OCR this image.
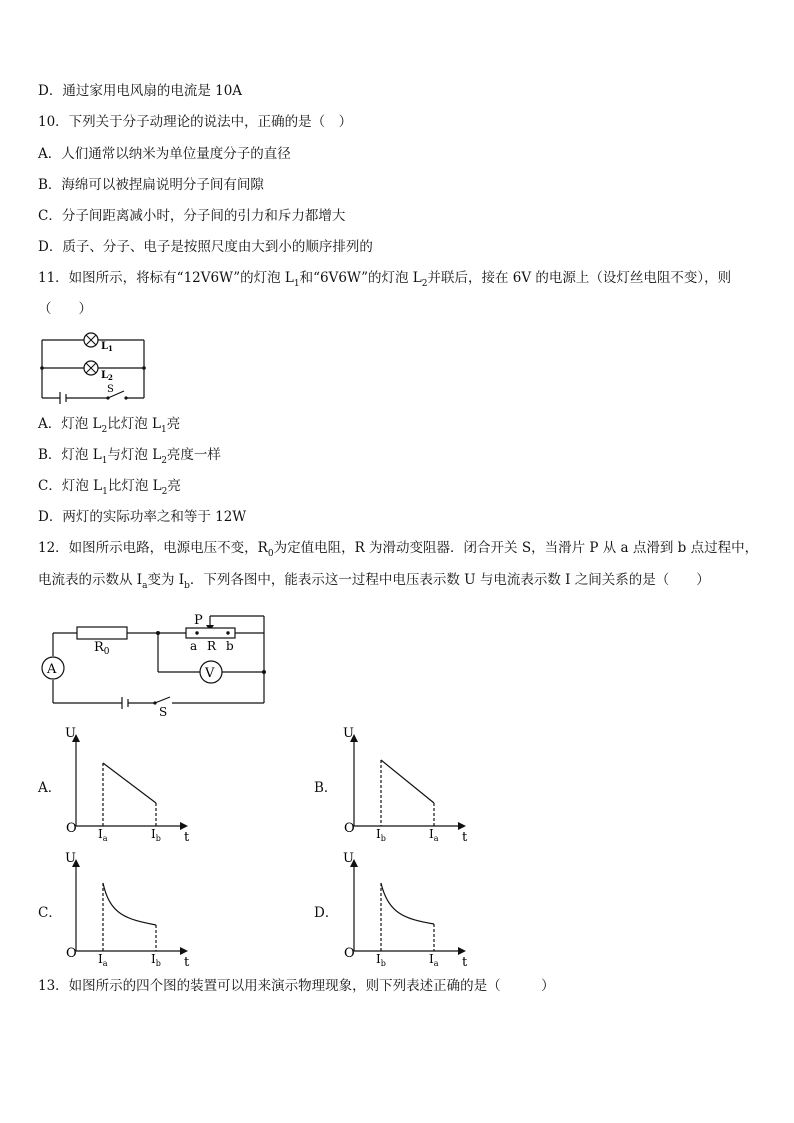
D．通过家用电风扇的电流是 10A
10．下列关于分子动理论的说法中，正确的是（　）
A．人们通常以纳米为单位量度分子的直径
B．海绵可以被捏扁说明分子间有间隙
C．分子间距离减小时，分子间的引力和斥力都增大
D．质子、分子、电子是按照尺度由大到小的顺序排列的
11．如图所示，将标有“12V6W”的灯泡 $L_1$和“6V6W”的灯泡 $L_2$并联后，接在 6V 的电源上（设灯丝电阻不变），则
（　　）
$L_1$
$L_2$
S
A．灯泡 $L_2$比灯泡 $L_1$亮
B．灯泡 $L_1$与灯泡 $L_2$亮度一样
C．灯泡 $L_1$比灯泡 $L_2$亮
D．两灯的实际功率之和等于 12W
12．如图所示电路，电源电压不变，$R_0$为定值电阻，R 为滑动变阻器．闭合开关 S，当滑片 P 从 a 点滑到 b 点过程中，
电流表的示数从 $I_a$变为 $I_b$．下列各图中，能表示这一过程中电压表示数 U 与电流表示数 I 之间关系的是（　　）
A	V
$R_0$
P
a R b
S
A．	B．
C．	D．
U
t
O $I_a$	$I_b$
U
t
O $I_b$	$I_a$
U
t
O $I_a$	$I_b$
U
t
O $I_b$	$I_a$
13．如图所示的四个图的装置可以用来演示物理现象，则下列表述正确的是（　　　）
